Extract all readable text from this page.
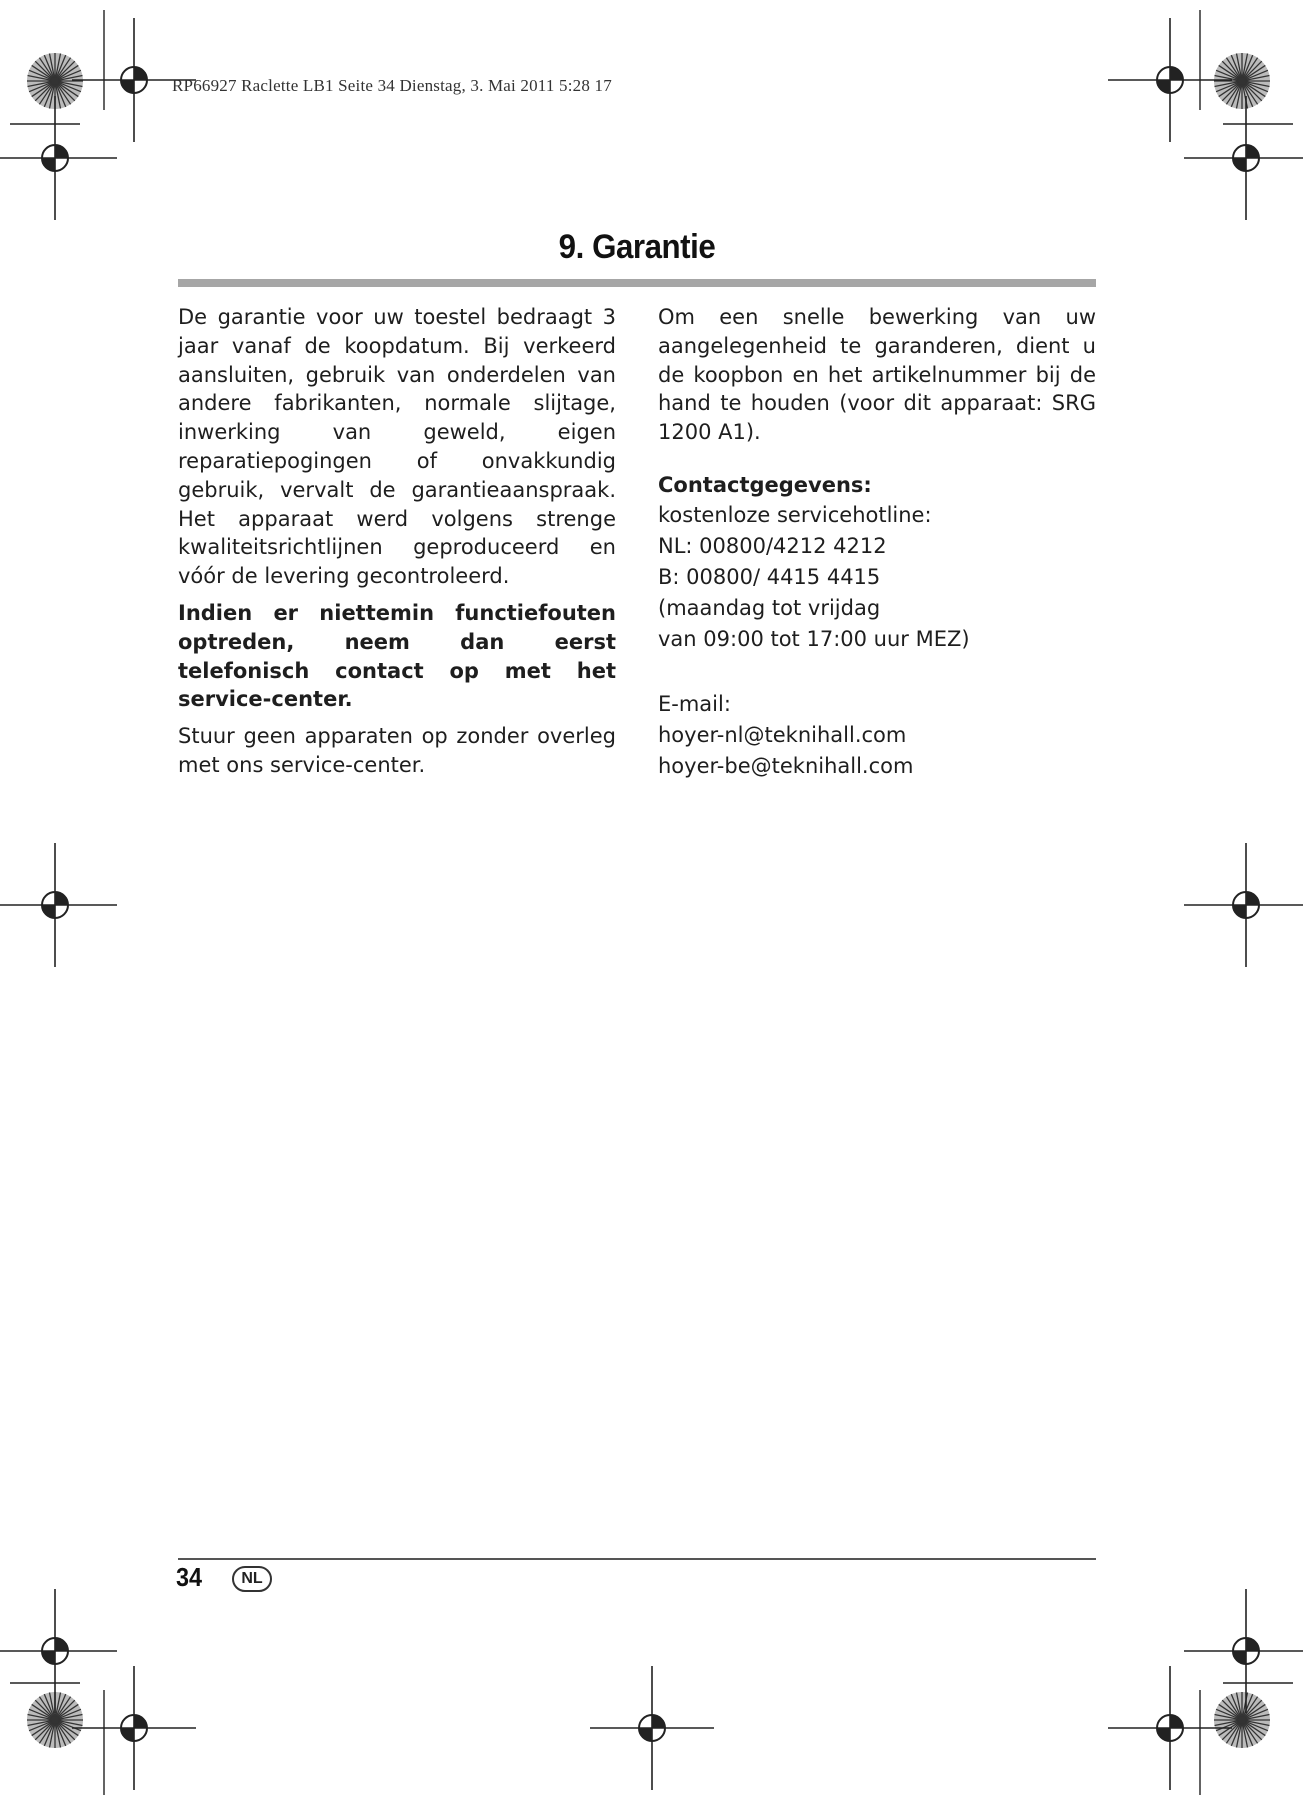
RP66927 Raclette LB1 Seite 34 Dienstag, 3. Mai 2011 5:28 17
9. Garantie

De garantie voor uw toestel bedraagt 3 jaar vanaf de koopdatum. Bij verkeerd aansluiten, gebruik van onderdelen van andere fabrikanten, normale slijtage, inwerking van geweld, eigen reparatiepogingen of onvakkundig gebruik, vervalt de garantieaanspraak. Het apparaat werd volgens strenge kwaliteitsrichtlijnen geproduceerd en vóór de levering gecontroleerd.

Indien er niettemin functiefouten optreden, neem dan eerst telefonisch contact op met het service-center.

Stuur geen apparaten op zonder overleg met ons service-center.

Om een snelle bewerking van uw aangelegenheid te garanderen, dient u de koopbon en het artikelnummer bij de hand te houden (voor dit apparaat: SRG 1200 A1).

Contactgegevens:

kostenloze servicehotline:

NL: 00800/4212 4212

B: 00800/ 4415 4415

(maandag tot vrijdag

van 09:00 tot 17:00 uur MEZ)

E-mail:

hoyer-nl@teknihall.com

hoyer-be@teknihall.com

34	NL
